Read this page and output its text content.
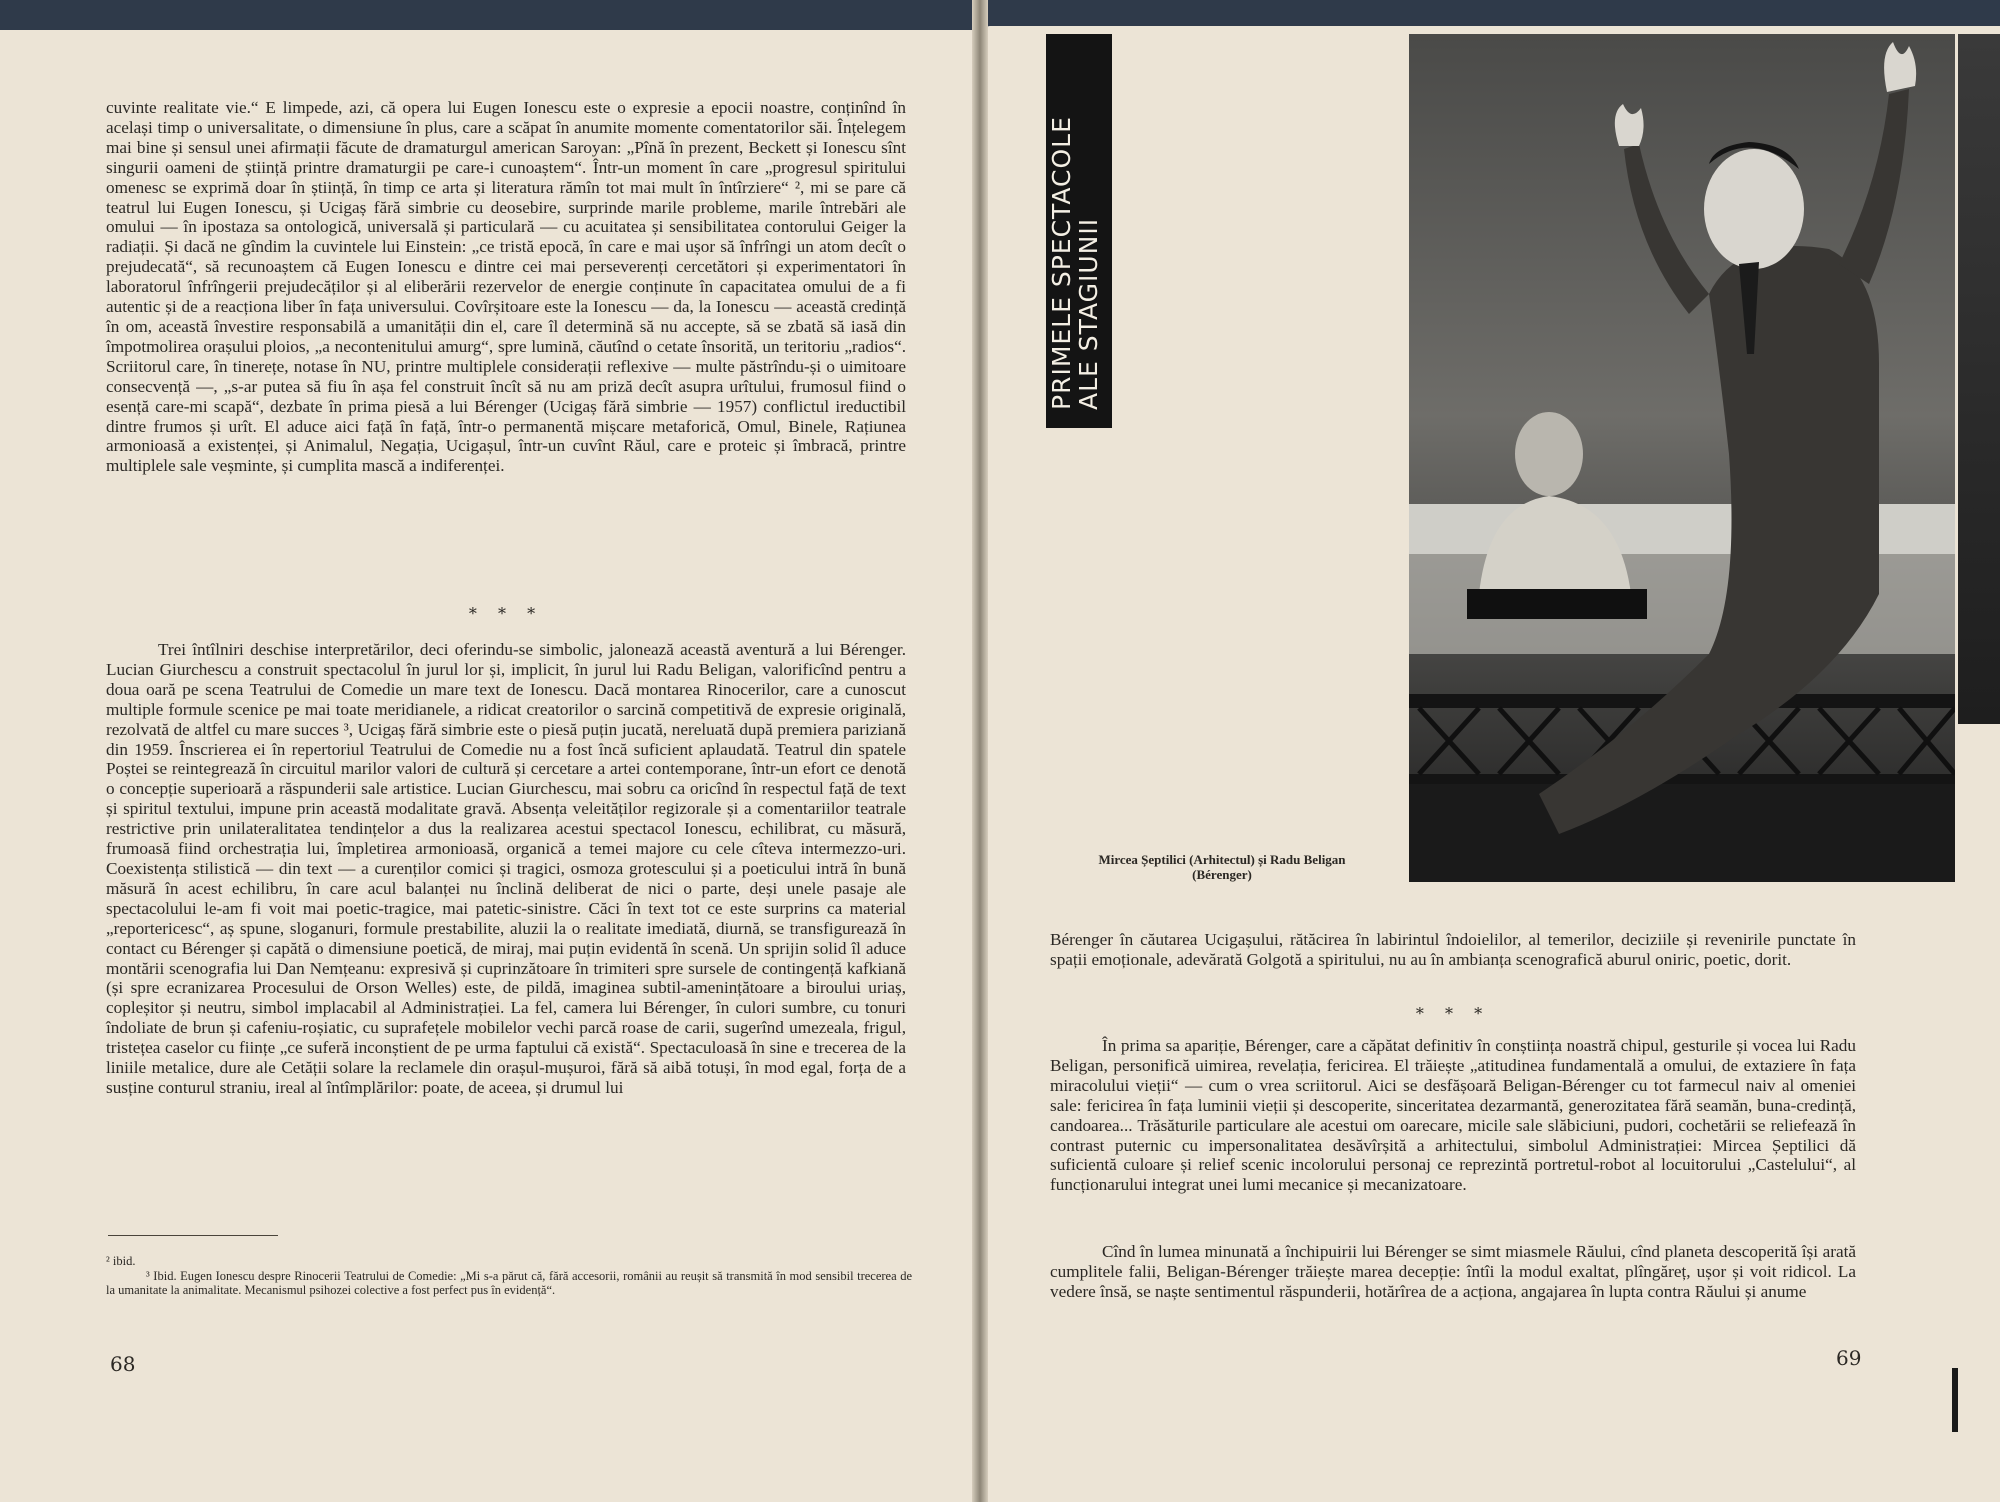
cuvinte realitate vie.“ E limpede, azi, că opera lui Eugen Ionescu este o expresie a epocii noastre, conținînd în același timp o universalitate, o dimensiune în plus, care a scăpat în anumite momente comentatorilor săi. Înțelegem mai bine și sensul unei afirmații făcute de dramaturgul american Saroyan: „Pînă în prezent, Beckett și Ionescu sînt singurii oameni de știință printre dramaturgii pe care-i cunoaștem“. Într-un moment în care „progresul spiritului omenesc se exprimă doar în știință, în timp ce arta și literatura rămîn tot mai mult în întîrziere“ ², mi se pare că teatrul lui Eugen Ionescu, și Ucigaș fără simbrie cu deosebire, surprinde marile probleme, marile întrebări ale omului — în ipostaza sa ontologică, universală și particulară — cu acuitatea și sensibilitatea contorului Geiger la radiații. Și dacă ne gîndim la cuvintele lui Einstein: „ce tristă epocă, în care e mai ușor să înfrîngi un atom decît o prejudecată“, să recunoaștem că Eugen Ionescu e dintre cei mai perseverenți cercetători și experimentatori în laboratorul înfrîngerii prejudecăților și al eliberării rezervelor de energie conținute în capacitatea omului de a fi autentic și de a reacționa liber în fața universului. Covîrșitoare este la Ionescu — da, la Ionescu — această credință în om, această învestire responsabilă a umanității din el, care îl determină să nu accepte, să se zbată să iasă din împotmolirea orașului ploios, „a necontenitului amurg“, spre lumină, căutînd o cetate însorită, un teritoriu „radios“. Scriitorul care, în tinerețe, notase în NU, printre multiplele considerații reflexive — multe păstrîndu-și o uimitoare consecvență —, „s-ar putea să fiu în așa fel construit încît să nu am priză decît asupra urîtului, frumosul fiind o esență care-mi scapă“, dezbate în prima piesă a lui Bérenger (Ucigaș fără simbrie — 1957) conflictul ireductibil dintre frumos și urît. El aduce aici față în față, într-o permanentă mișcare metaforică, Omul, Binele, Rațiunea armonioasă a existenței, și Animalul, Negația, Ucigașul, într-un cuvînt Răul, care e proteic și îmbracă, printre multiplele sale veșminte, și cumplita mască a indiferenței.

* * *

Trei întîlniri deschise interpretărilor, deci oferindu-se simbolic, jalonează această aventură a lui Bérenger. Lucian Giurchescu a construit spectacolul în jurul lor și, implicit, în jurul lui Radu Beligan, valorificînd pentru a doua oară pe scena Teatrului de Comedie un mare text de Ionescu. Dacă montarea Rinocerilor, care a cunoscut multiple formule scenice pe mai toate meridianele, a ridicat creatorilor o sarcină competitivă de expresie originală, rezolvată de altfel cu mare succes ³, Ucigaș fără simbrie este o piesă puțin jucată, nereluată după premiera pariziană din 1959. Înscrierea ei în repertoriul Teatrului de Comedie nu a fost încă suficient aplaudată. Teatrul din spatele Poștei se reintegrează în circuitul marilor valori de cultură și cercetare a artei contemporane, într-un efort ce denotă o concepție superioară a răspunderii sale artistice. Lucian Giurchescu, mai sobru ca oricînd în respectul față de text și spiritul textului, impune prin această modalitate gravă. Absența veleităților regizorale și a comentariilor teatrale restrictive prin unilateralitatea tendințelor a dus la realizarea acestui spectacol Ionescu, echilibrat, cu măsură, frumoasă fiind orchestrația lui, împletirea armonioasă, organică a temei majore cu cele cîteva intermezzo-uri. Coexistența stilistică — din text — a curenților comici și tragici, osmoza grotescului și a poeticului intră în bună măsură în acest echilibru, în care acul balanței nu înclină deliberat de nici o parte, deși unele pasaje ale spectacolului le-am fi voit mai poetic-tragice, mai patetic-sinistre. Căci în text tot ce este surprins ca material „reportericesc“, aș spune, sloganuri, formule prestabilite, aluzii la o realitate imediată, diurnă, se transfigurează în contact cu Bérenger și capătă o dimensiune poetică, de miraj, mai puțin evidentă în scenă. Un sprijin solid îl aduce montării scenografia lui Dan Nemțeanu: expresivă și cuprinzătoare în trimiteri spre sursele de contingență kafkiană (și spre ecranizarea Procesului de Orson Welles) este, de pildă, imaginea subtil-amenințătoare a biroului uriaș, copleșitor și neutru, simbol implacabil al Administrației. La fel, camera lui Bérenger, în culori sumbre, cu tonuri îndoliate de brun și cafeniu-roșiatic, cu suprafețele mobilelor vechi parcă roase de carii, sugerînd umezeala, frigul, tristețea caselor cu ființe „ce suferă inconștient de pe urma faptului că există“. Spectaculoasă în sine e trecerea de la liniile metalice, dure ale Cetății solare la reclamele din orașul-mușuroi, fără să aibă totuși, în mod egal, forța de a susține conturul straniu, ireal al întîmplărilor: poate, de aceea, și drumul lui

² ibid.
³ Ibid. Eugen Ionescu despre Rinocerii Teatrului de Comedie: „Mi s-a părut că, fără accesorii, românii au reușit să transmită în mod sensibil trecerea de la umanitate la animalitate. Mecanismul psihozei colective a fost perfect pus în evidență“.
68
PRIMELE SPECTACOLE
ALE STAGIUNII
Mircea Șeptilici (Arhitectul) și Radu Beligan
(Bérenger)

Bérenger în căutarea Ucigașului, rătăcirea în labirintul îndoielilor, al temerilor, deciziile și revenirile punctate în spații emoționale, adevărată Golgotă a spiritului, nu au în ambianța scenografică aburul oniric, poetic, dorit.

* * *

În prima sa apariție, Bérenger, care a căpătat definitiv în conștiința noastră chipul, gesturile și vocea lui Radu Beligan, personifică uimirea, revelația, fericirea. El trăiește „atitudinea fundamentală a omului, de extaziere în fața miracolului vieții“ — cum o vrea scriitorul. Aici se desfășoară Beligan-Bérenger cu tot farmecul naiv al omeniei sale: fericirea în fața luminii vieții și descoperite, sinceritatea dezarmantă, generozitatea fără seamăn, buna-credință, candoarea... Trăsăturile particulare ale acestui om oarecare, micile sale slăbiciuni, pudori, cochetării se reliefează în contrast puternic cu impersonalitatea desăvîrșită a arhitectului, simbolul Administrației: Mircea Șeptilici dă suficientă culoare și relief scenic incolorului personaj ce reprezintă portretul-robot al locuitorului „Castelului“, al funcționarului integrat unei lumi mecanice și mecanizatoare.

Cînd în lumea minunată a închipuirii lui Bérenger se simt miasmele Răului, cînd planeta descoperită își arată cumplitele falii, Beligan-Bérenger trăiește marea decepție: întîi la modul exaltat, plîngăreț, ușor și voit ridicol. La vedere însă, se naște sentimentul răspunderii, hotărîrea de a acționa, angajarea în lupta contra Răului și anume

69
